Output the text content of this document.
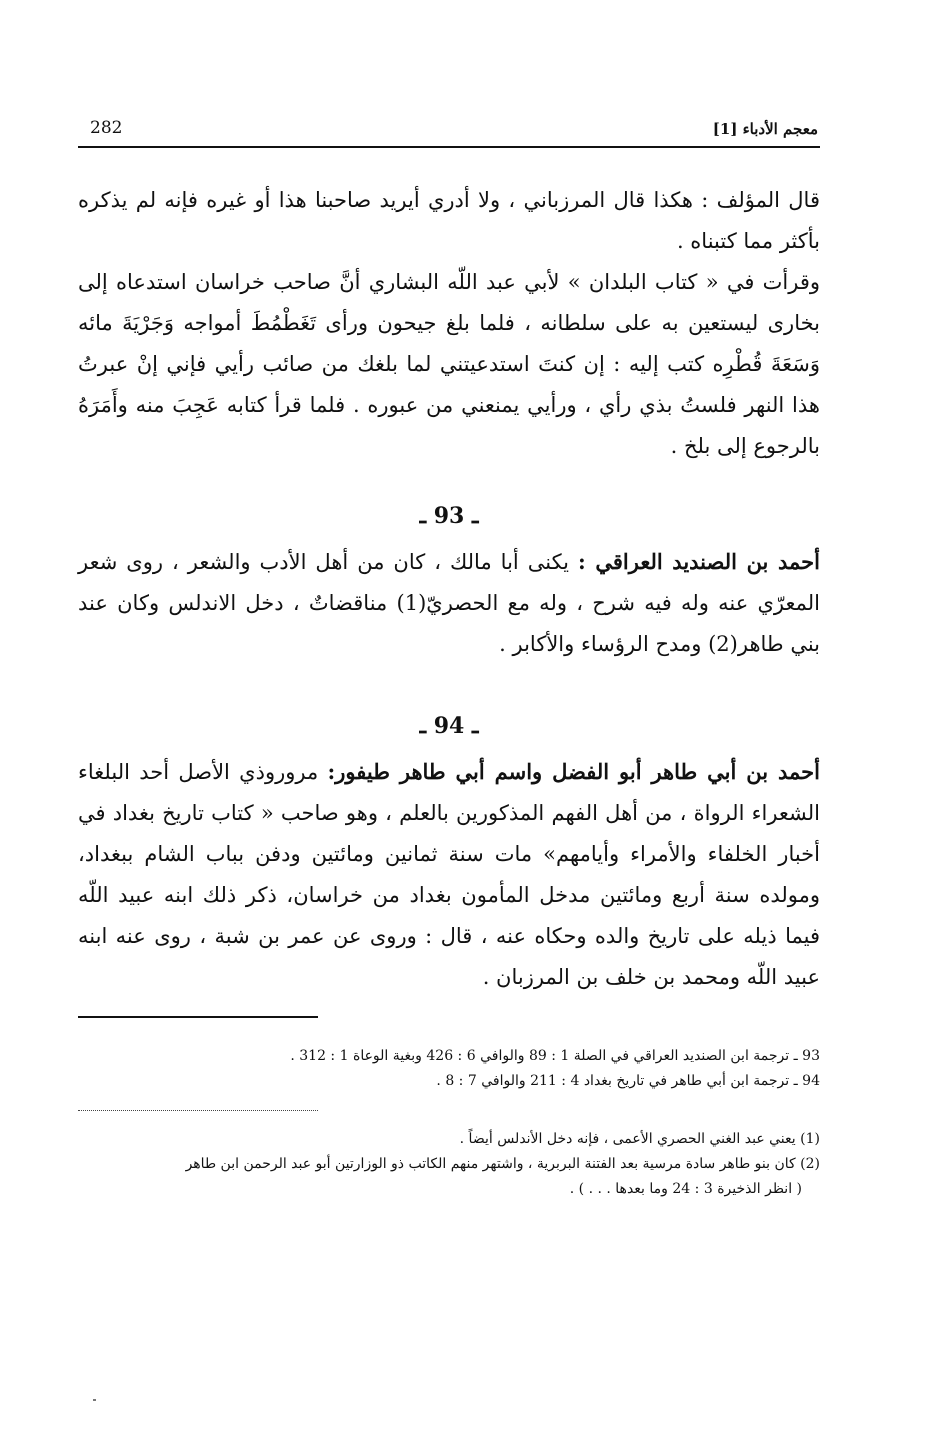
معجم الأدباء [1]
282

قال المؤلف : هكذا قال المرزباني ، ولا أدري أيريد صاحبنا هذا أو غيره فإنه لم يذكره بأكثر مما كتبناه .

وقرأت في « كتاب البلدان » لأبي عبد اللّه البشاري أنَّ صاحب خراسان استدعاه إلى بخارى ليستعين به على سلطانه ، فلما بلغ جيحون ورأى تَغَطْمُطَ أمواجه وَجَرْيَةَ مائه وَسَعَةَ قُطْرِه كتب إليه : إن كنتَ استدعيتني لما بلغك من صائب رأيي فإني إنْ عبرتُ هذا النهر فلستُ بذي رأي ، ورأيي يمنعني من عبوره . فلما قرأ كتابه عَجِبَ منه وأَمَرَهُ بالرجوع إلى بلخ .

ـ 93 ـ

أحمد بن الصنديد العراقي : يكنى أبا مالك ، كان من أهل الأدب والشعر ، روى شعر المعرّي عنه وله فيه شرح ، وله مع الحصريّ(1) مناقضاتٌ ، دخل الاندلس وكان عند بني طاهر(2) ومدح الرؤساء والأكابر .

ـ 94 ـ

أحمد بن أبي طاهر أبو الفضل واسم أبي طاهر طيفور: مروروذي الأصل أحد البلغاء الشعراء الرواة ، من أهل الفهم المذكورين بالعلم ، وهو صاحب « كتاب تاريخ بغداد في أخبار الخلفاء والأمراء وأيامهم» مات سنة ثمانين ومائتين ودفن بباب الشام ببغداد، ومولده سنة أربع ومائتين مدخل المأمون بغداد من خراسان، ذكر ذلك ابنه عبيد اللّه فيما ذيله على تاريخ والده وحكاه عنه ، قال : وروى عن عمر بن شبة ، روى عنه ابنه عبيد اللّه ومحمد بن خلف بن المرزبان .

93 ـ ترجمة ابن الصنديد العراقي في الصلة 1 : 89 والوافي 6 : 426 وبغية الوعاة 1 : 312 .

94 ـ ترجمة ابن أبي طاهر في تاريخ بغداد 4 : 211 والوافي 7 : 8 .

(1) يعني عبد الغني الحصري الأعمى ، فإنه دخل الأندلس أيضاً .

(2) كان بنو طاهر سادة مرسية بعد الفتنة البربرية ، واشتهر منهم الكاتب ذو الوزارتين أبو عبد الرحمن ابن طاهر

( انظر الذخيرة 3 : 24 وما بعدها . . . ) .
